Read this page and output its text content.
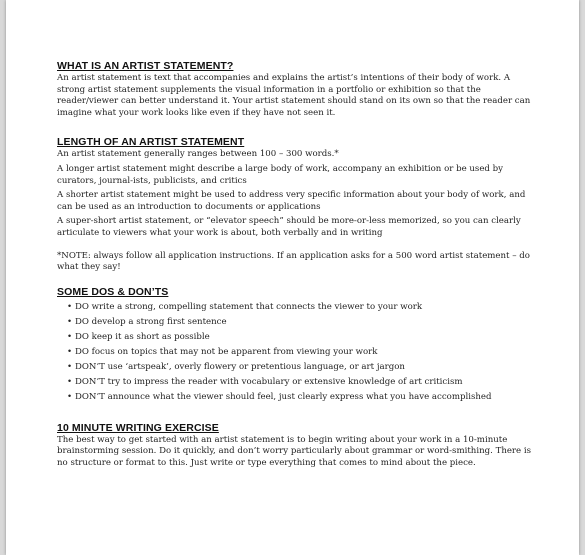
WHAT IS AN ARTIST STATEMENT?

An artist statement is text that accompanies and explains the artist’s intentions of their body of work. A strong artist statement supplements the visual information in a portfolio or exhibition so that the reader/viewer can better understand it. Your artist statement should stand on its own so that the reader can imagine what your work looks like even if they have not seen it.

LENGTH OF AN ARTIST STATEMENT

An artist statement generally ranges between 100 – 300 words.*

A longer artist statement might describe a large body of work, accompany an exhibition or be used by curators, journal-ists, publicists, and critics

A shorter artist statement might be used to address very specific information about your body of work, and can be used as an introduction to documents or applications

A super-short artist statement, or “elevator speech” should be more-or-less memorized, so you can clearly articulate to viewers what your work is about, both verbally and in writing

*NOTE: always follow all application instructions. If an application asks for a 500 word artist statement – do what they say!

SOME DOS & DON’TS
• DO write a strong, compelling statement that connects the viewer to your work
• DO develop a strong first sentence
• DO keep it as short as possible
• DO focus on topics that may not be apparent from viewing your work
• DON’T use ‘artspeak’, overly flowery or pretentious language, or art jargon
• DON’T try to impress the reader with vocabulary or extensive knowledge of art criticism
• DON’T announce what the viewer should feel, just clearly express what you have accomplished
10 MINUTE WRITING EXERCISE

The best way to get started with an artist statement is to begin writing about your work in a 10-minute brainstorming session. Do it quickly, and don’t worry particularly about grammar or word-smithing. There is no structure or format to this. Just write or type everything that comes to mind about the piece.
